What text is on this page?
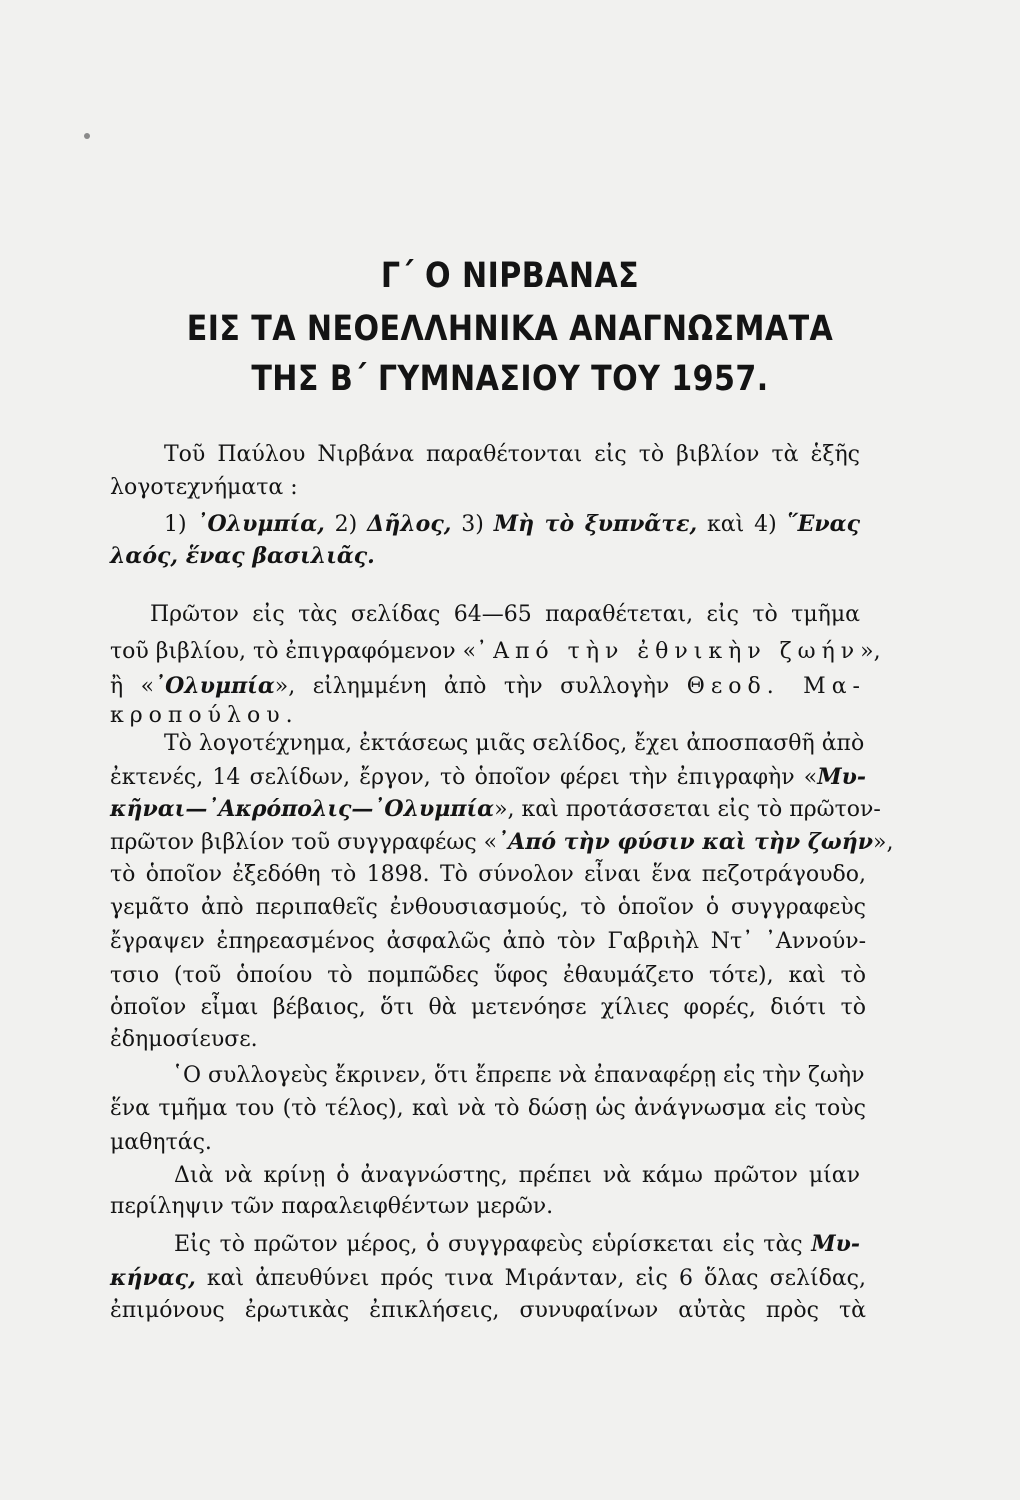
Γ΄ Ο ΝΙΡΒΑΝΑΣ
ΕΙΣ ΤΑ ΝΕΟΕΛΛΗΝΙΚΑ ΑΝΑΓΝΩΣΜΑΤΑ
ΤΗΣ Β΄ ΓΥΜΝΑΣΙΟΥ ΤΟΥ 1957.
Τοῦ Παύλου Νιρβάνα παραθέτονται εἰς τὸ βιβλίον τὰ ἑξῆς
λογοτεχνήματα :
1) ᾽Ολυμπία, 2) Δῆλος, 3) Μὴ τὸ ξυπνᾶτε, καὶ 4) ῞Ενας
λαός, ἕνας βασιλιᾶς.
Πρῶτον εἰς τὰς σελίδας 64—65 παραθέτεται, εἰς τὸ τμῆμα
τοῦ βιβλίου, τὸ ἐπιγραφόμενον «᾽Από τὴν ἐθνικὴν ζωήν»,
ἢ «᾽Ολυμπία», εἰλημμένη ἀπὸ τὴν συλλογὴν Θεοδ. Μα-
κροπούλου.
Τὸ λογοτέχνημα, ἐκτάσεως μιᾶς σελίδος, ἔχει ἀποσπασθῆ ἀπὸ
ἐκτενές, 14 σελίδων, ἔργον, τὸ ὁποῖον φέρει τὴν ἐπιγραφὴν «Μυ-
κῆναι—᾽Ακρόπολις—᾽Ολυμπία», καὶ προτάσσεται εἰς τὸ πρῶτον-
πρῶτον βιβλίον τοῦ συγγραφέως «᾽Από τὴν φύσιν καὶ τὴν ζωήν»,
τὸ ὁποῖον ἐξεδόθη τὸ 1898. Τὸ σύνολον εἶναι ἕνα πεζοτράγουδο,
γεμᾶτο ἀπὸ περιπαθεῖς ἐνθουσιασμούς, τὸ ὁποῖον ὁ συγγραφεὺς
ἔγραψεν ἐπηρεασμένος ἀσφαλῶς ἀπὸ τὸν Γαβριὴλ Ντ᾽ ᾽Αννούν-
τσιο (τοῦ ὁποίου τὸ πομπῶδες ὕφος ἐθαυμάζετο τότε), καὶ τὸ
ὁποῖον εἶμαι βέβαιος, ὅτι θὰ μετενόησε χίλιες φορές, διότι τὸ
ἐδημοσίευσε.
῾Ο συλλογεὺς ἔκρινεν, ὅτι ἔπρεπε νὰ ἐπαναφέρῃ εἰς τὴν ζωὴν
ἕνα τμῆμα του (τὸ τέλος), καὶ νὰ τὸ δώσῃ ὡς ἀνάγνωσμα εἰς τοὺς
μαθητάς.
Διὰ νὰ κρίνῃ ὁ ἀναγνώστης, πρέπει νὰ κάμω πρῶτον μίαν
περίληψιν τῶν παραλειφθέντων μερῶν.
Εἰς τὸ πρῶτον μέρος, ὁ συγγραφεὺς εὑρίσκεται εἰς τὰς Μυ-
κήνας, καὶ ἀπευθύνει πρός τινα Μιράνταν, εἰς 6 ὅλας σελίδας,
ἐπιμόνους ἐρωτικὰς ἐπικλήσεις, συνυφαίνων αὐτὰς πρὸς τὰ
